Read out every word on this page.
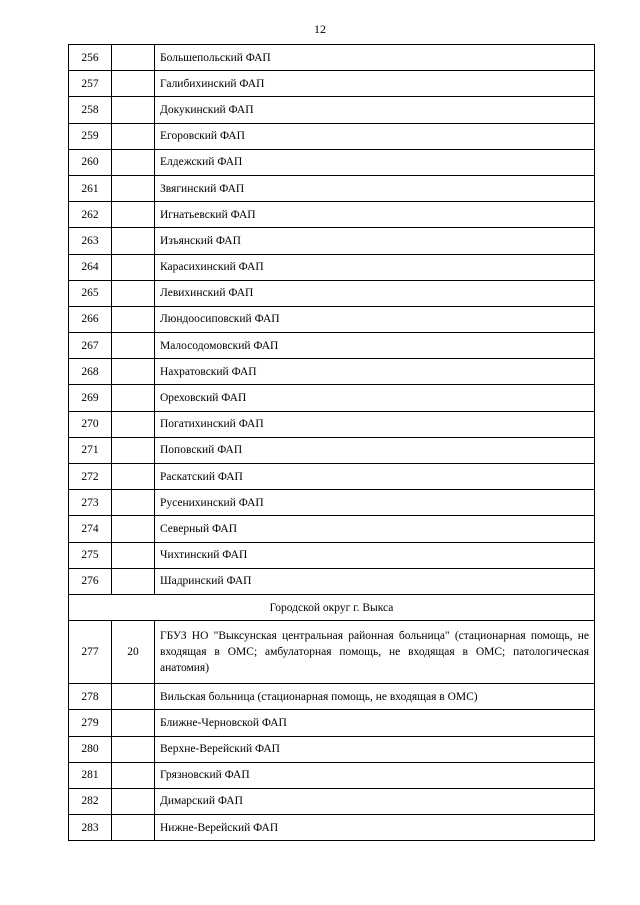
12
256		Большепольский ФАП
257		Галибихинский ФАП
258		Докукинский ФАП
259		Егоровский ФАП
260		Елдежский ФАП
261		Звягинский ФАП
262		Игнатьевский ФАП
263		Изъянский ФАП
264		Карасихинский ФАП
265		Левихинский ФАП
266		Люндоосиповский ФАП
267		Малосодомовский ФАП
268		Нахратовский ФАП
269		Ореховский ФАП
270		Погатихинский ФАП
271		Поповский ФАП
272		Раскатский ФАП
273		Русенихинский ФАП
274		Северный ФАП
275		Чихтинский ФАП
276		Шадринский ФАП
Городской округ г. Выкса		
277	20	ГБУЗ НО "Выксунская центральная районная больница" (стационарная помощь, не входящая в ОМС; амбулаторная помощь, не входящая в ОМС; патологическая анатомия)
278		Вильская больница (стационарная помощь, не входящая в ОМС)
279		Ближне-Черновской ФАП
280		Верхне-Верейский ФАП
281		Грязновский ФАП
282		Димарский ФАП
283		Нижне-Верейский ФАП
